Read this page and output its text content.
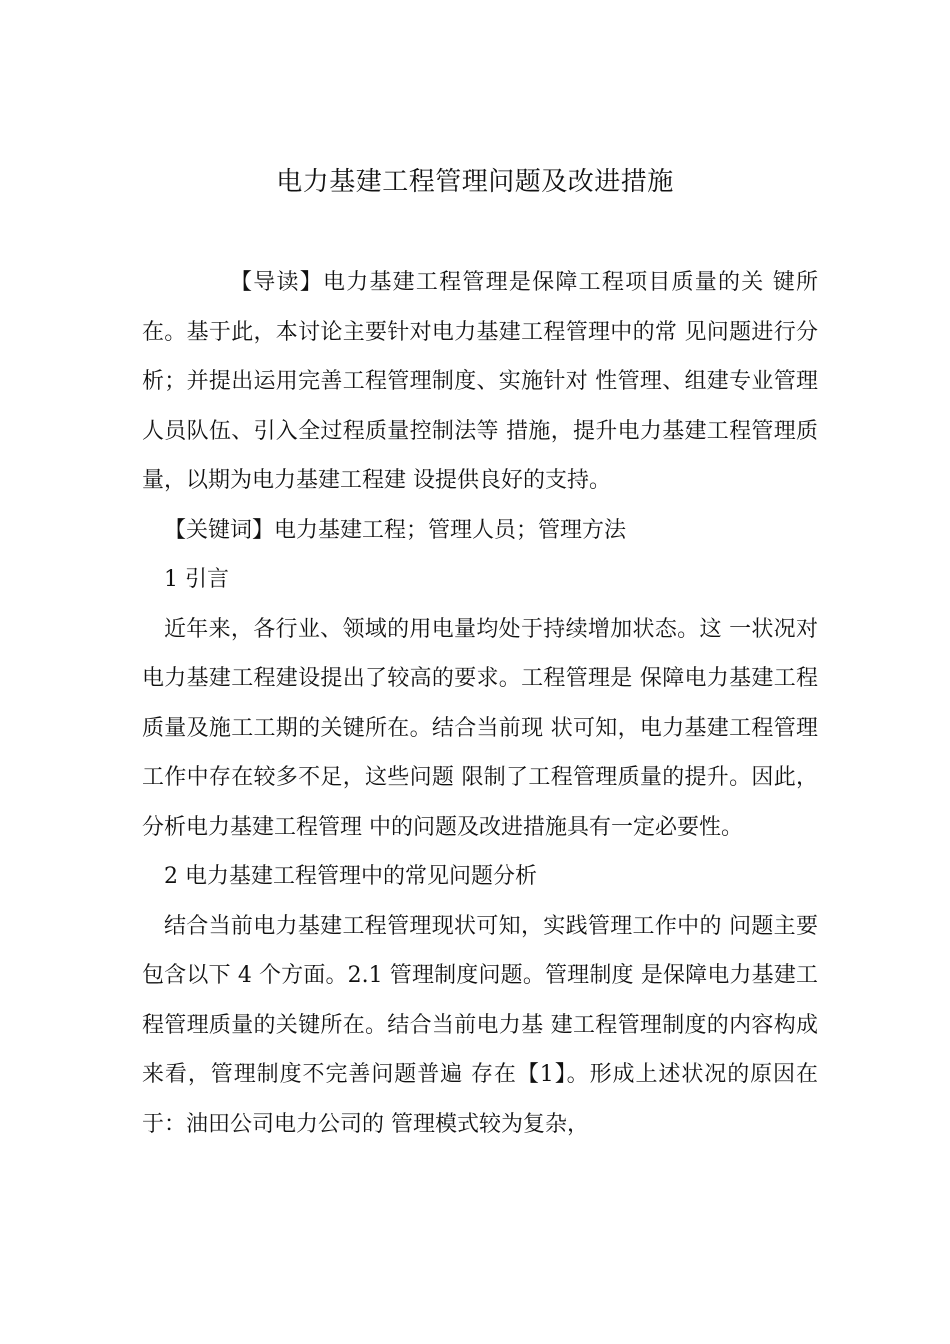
电力基建工程管理问题及改进措施

【导读】电力基建工程管理是保障工程项目质量的关 键所在。基于此，本讨论主要针对电力基建工程管理中的常 见问题进行分析；并提出运用完善工程管理制度、实施针对 性管理、组建专业管理人员队伍、引入全过程质量控制法等 措施，提升电力基建工程管理质量，以期为电力基建工程建 设提供良好的支持。

【关键词】电力基建工程；管理人员；管理方法

1 引言

近年来，各行业、领域的用电量均处于持续增加状态。这 一状况对电力基建工程建设提出了较高的要求。工程管理是 保障电力基建工程质量及施工工期的关键所在。结合当前现 状可知，电力基建工程管理工作中存在较多不足，这些问题 限制了工程管理质量的提升。因此，分析电力基建工程管理 中的问题及改进措施具有一定必要性。

2 电力基建工程管理中的常见问题分析

结合当前电力基建工程管理现状可知，实践管理工作中的 问题主要包含以下 4 个方面。2.1 管理制度问题。管理制度 是保障电力基建工程管理质量的关键所在。结合当前电力基 建工程管理制度的内容构成来看，管理制度不完善问题普遍 存在【1】。形成上述状况的原因在于：油田公司电力公司的 管理模式较为复杂，
